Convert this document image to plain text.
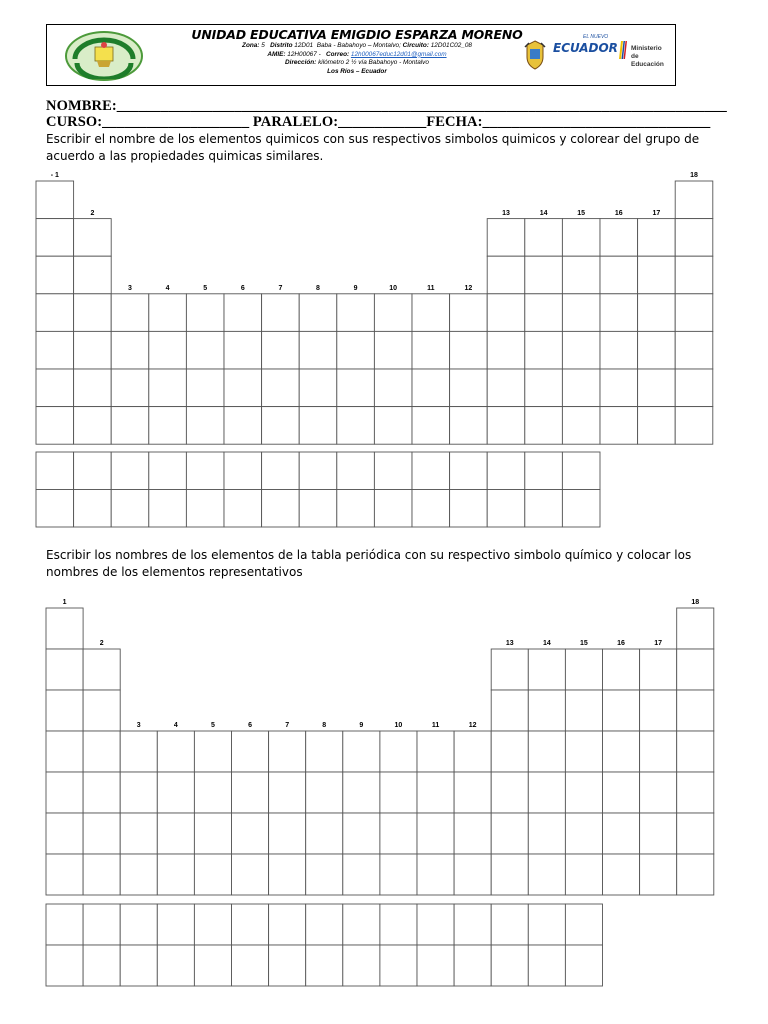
UNIDAD EDUCATIVA EMIGDIO ESPARZA MORENO
Zona: 5 Distrito 12D01 Baba - Babahoyo – Montalvo; Circuito: 12D01C02_08
AMIE: 12H00067 - Correo: 12h00067educ12d01@gmail.com
Dirección: kilómetro 2 ½ vía Babahoyo - Montalvo
Los Ríos – Ecuador
EL NUEVO
ECUADOR Ministerio
de Educación
NOMBRE:___________________________________________________________________________________
CURSO:____________________ PARALELO:____________FECHA:_______________________________
Escribir el nombre de los elementos quimicos con sus respectivos simbolos quimicos y colorear del grupo de acuerdo a las propiedades quimicas similares.
- 1
2
3	4	5	6	7	8	9	10	11	12
13	14	15	16	17
18
Escribir los nombres de los elementos de la tabla periódica con su respectivo simbolo químico y colocar los nombres de los elementos representativos
1
2
3	4	5	6	7	8	9	10	11	12
13	14	15	16	17
18
